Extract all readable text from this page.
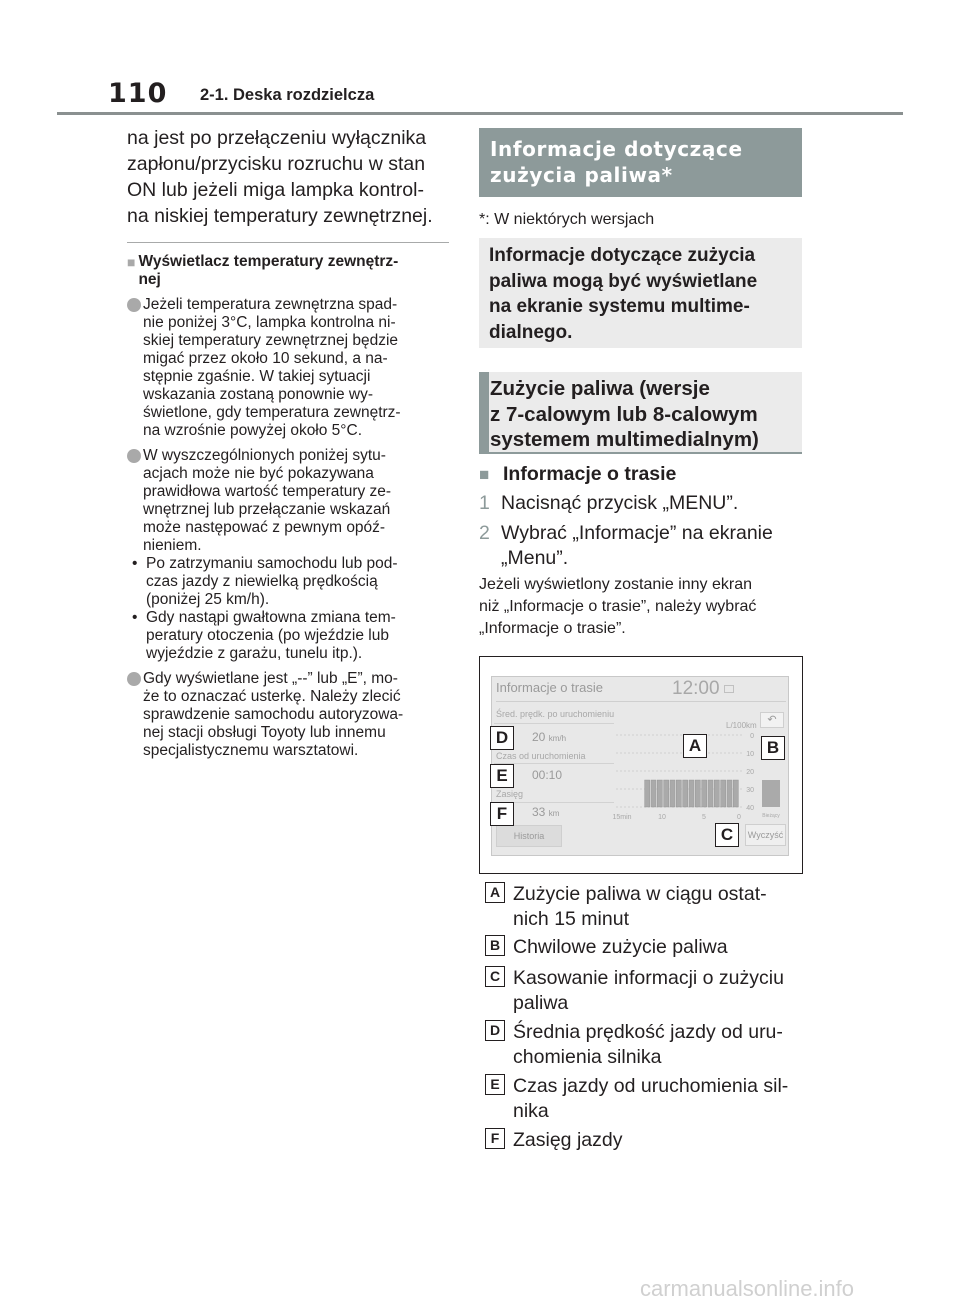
110 2-1. Deska rozdzielcza
na jest po przełączeniu wyłącznika
zapłonu/przycisku rozruchu w stan
ON lub jeżeli miga lampka kontrol-
na niskiej temperatury zewnętrznej.
■ Wyświetlacz temperatury zewnętrz-
nej
Jeżeli temperatura zewnętrzna spad-
nie poniżej 3°C, lampka kontrolna ni-
skiej temperatury zewnętrznej będzie
migać przez około 10 sekund, a na-
stępnie zgaśnie. W takiej sytuacji
wskazania zostaną ponownie wy-
świetlone, gdy temperatura zewnętrz-
na wzrośnie powyżej około 5°C.
W wyszczególnionych poniżej sytu-
acjach może nie być pokazywana
prawidłowa wartość temperatury ze-
wnętrznej lub przełączanie wskazań
może następować z pewnym opóź-
nieniem.
• Po zatrzymaniu samochodu lub pod-
czas jazdy z niewielką prędkością
(poniżej 25 km/h).
• Gdy nastąpi gwałtowna zmiana tem-
peratury otoczenia (po wjeździe lub
wyjeździe z garażu, tunelu itp.).
Gdy wyświetlane jest „--” lub „E”, mo-
że to oznaczać usterkę. Należy zlecić
sprawdzenie samochodu autoryzowa-
nej stacji obsługi Toyoty lub innemu
specjalistycznemu warsztatowi.
Informacje dotyczące
zużycia paliwa*
*: W niektórych wersjach
Informacje dotyczące zużycia
paliwa mogą być wyświetlane
na ekranie systemu multime-
dialnego.
Zużycie paliwa (wersje
z 7-calowym lub 8-calowym
systemem multimedialnym)
■ Informacje o trasie
1 Nacisnąć przycisk „MENU”.
2 Wybrać „Informacje” na ekranie
„Menu”.
Jeżeli wyświetlony zostanie inny ekran
niż „Informacje o trasie”, należy wybrać
„Informacje o trasie”.
Informacje o trasie	12:00
Śred. prędk. po uruchomieniu
20 km/h
Czas od uruchomienia
00:10
Zasięg
33 km
Historia	Wyczyść
↶
L/100km
40
30
20
10
0
15min	10	5	0	Bieżący
D
E
F
A	B
C
A Zużycie paliwa w ciągu ostat-
nich 15 minut
B Chwilowe zużycie paliwa
C Kasowanie informacji o zużyciu
paliwa
D Średnia prędkość jazdy od uru-
chomienia silnika
E Czas jazdy od uruchomienia sil-
nika
F Zasięg jazdy
carmanualsonline.info
